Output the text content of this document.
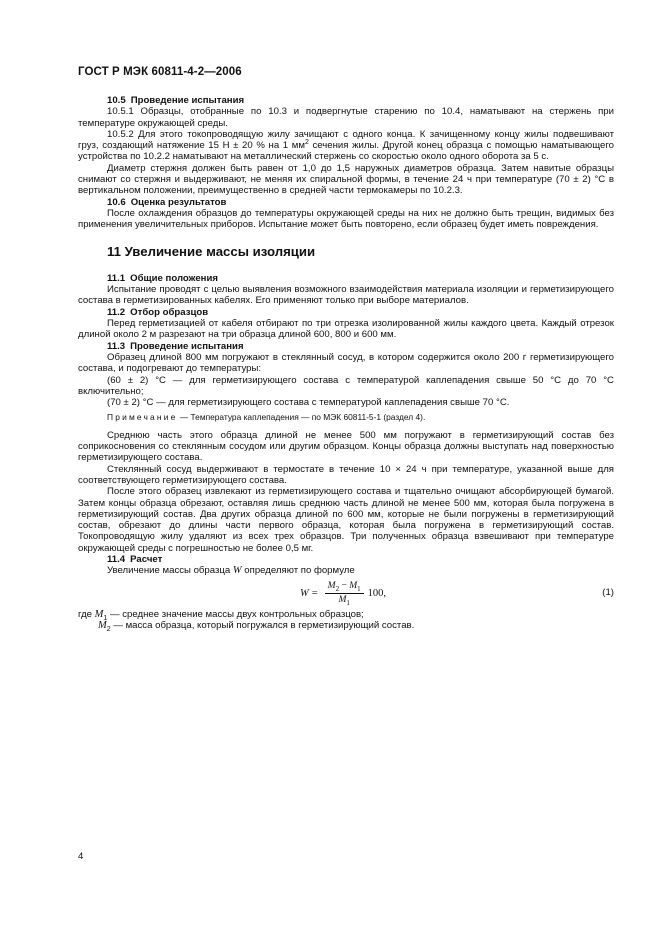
ГОСТ Р МЭК 60811-4-2—2006

10.5 Проведение испытания

10.5.1 Образцы, отобранные по 10.3 и подвергнутые старению по 10.4, наматывают на стержень при температуре окружающей среды.

10.5.2 Для этого токопроводящую жилу зачищают с одного конца. К зачищенному концу жилы подвешивают груз, создающий натяжение 15 Н ± 20 % на 1 $мм^2$ сечения жилы. Другой конец образца с помощью наматывающего устройства по 10.2.2 наматывают на металлический стержень со скоростью около одного оборота за 5 с.

Диаметр стержня должен быть равен от 1,0 до 1,5 наружных диаметров образца. Затем навитые образцы снимают со стержня и выдерживают, не меняя их спиральной формы, в течение 24 ч при температуре (70 ± 2) °С в вертикальном положении, преимущественно в средней части термокамеры по 10.2.3.

10.6 Оценка результатов

После охлаждения образцов до температуры окружающей среды на них не должно быть трещин, видимых без применения увеличительных приборов. Испытание может быть повторено, если образец будет иметь повреждения.

11 Увеличение массы изоляции

11.1 Общие положения

Испытание проводят с целью выявления возможного взаимодействия материала изоляции и герметизирующего состава в герметизированных кабелях. Его применяют только при выборе материалов.

11.2 Отбор образцов

Перед герметизацией от кабеля отбирают по три отрезка изолированной жилы каждого цвета. Каждый отрезок длиной около 2 м разрезают на три образца длиной 600, 800 и 600 мм.

11.3 Проведение испытания

Образец длиной 800 мм погружают в стеклянный сосуд, в котором содержится около 200 г герметизирующего состава, и подогревают до температуры:

(60 ± 2) °С — для герметизирующего состава с температурой каплепадения свыше 50 °С до 70 °С включительно;

(70 ± 2) °С — для герметизирующего состава с температурой каплепадения свыше 70 °С.

Примечание — Температура каплепадения — по МЭК 60811-5-1 (раздел 4).

Среднюю часть этого образца длиной не менее 500 мм погружают в герметизирующий состав без соприкосновения со стеклянным сосудом или другим образцом. Концы образца должны выступать над поверхностью герметизирующего состава.

Стеклянный сосуд выдерживают в термостате в течение 10 × 24 ч при температуре, указанной выше для соответствующего герметизирующего состава.

После этого образец извлекают из герметизирующего состава и тщательно очищают абсорбирующей бумагой. Затем концы образца обрезают, оставляя лишь среднюю часть длиной не менее 500 мм, которая была погружена в герметизирующий состав. Два других образца длиной по 600 мм, которые не были погружены в герметизирующий состав, обрезают до длины части первого образца, которая была погружена в герметизирующий состав. Токопроводящую жилу удаляют из всех трех образцов. Три полученных образца взвешивают при температуре окружающей среды с погрешностью не более 0,5 мг.

11.4 Расчет

Увеличение массы образца W определяют по формуле

$W = \frac{M_2 - M_1}{M_1} 100$,	(1)

где $M_1$ — среднее значение массы двух контрольных образцов;

$M_2$ — масса образца, который погружался в герметизирующий состав.

4
